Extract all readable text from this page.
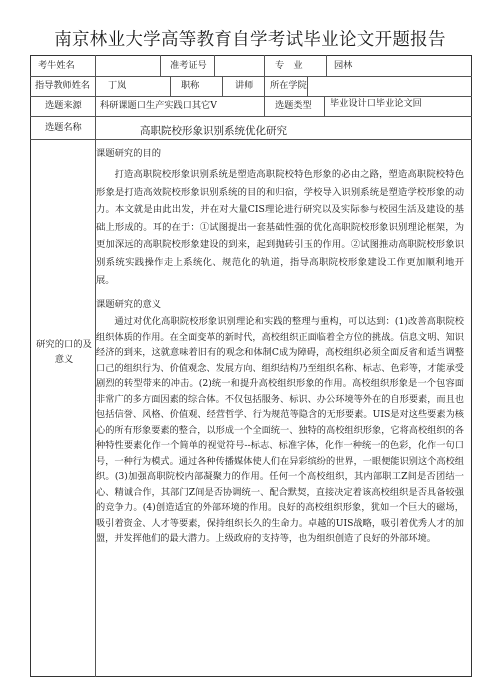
南京林业大学高等教育自学考试毕业论文开题报告
考牛姓名	准考证号	专　业	园林
指导教师姓名 丁岚	职称	讲师 所在学院
选题来源 科研课题口生产实践口其它V	选题类型 毕业设计口毕业论文回
选题名称	高职院校形象识别系统优化研究
研究的口的及意义

课题研究的目的

打造高职院校形象识别系统是塑造高职院校特色形象的必由之路，塑造高职院校特色形象是打造高效院校形象识别系统的目的和归宿，学校导入识别系统是塑造学校形象的动力。本文就是由此出发，并在对大量CIS理论进行研究以及实际参与校园生活及建设的基础上形成的。耳的在于：①试图提出一套基础性强的优化高职院校形象识别理论框架，为更加深远的高职院校形象建设的到来，起到抛砖引玉的作用。②试图推动高职院校形象识别系统实践操作走上系统化、规范化的轨道，指导高职院校形象建设工作更加顺利地开展。

课题研究的意义

通过对优化高职院校形象识别理论和实践的整理与重构，可以达到：(1)改善高职院校组织体质的作用。在全面变革的新时代，高校组织正面临着全方位的挑战。信息文明、知识经济的到来，这就意味着旧有的观念和体制C成为障碍，高校组织必须全面反省和适当调整口己的组织行为、价值观念、发展方向、组织结构乃至组织名称、标志、色彩等，才能承受剧烈的转型带来的冲击。(2)统一和提升高校组织形象的作用。高校组织形象是一个包容面非常广的多方面因素的综合体。不仅包括服务、标识、办公环境等外在的自形要素，而且也包括信誉、风格、价值观、经营哲学、行为规范等隐含的无形要素。UIS是对这些要素为核心的所有形象要素的整合，以形成一个全面统一、独特的高校组织形象，它将高校组织的各种特性要素化作一个简单的视觉符号--标志、标准字体，化作一种统一的色彩，化作一句口号，一种行为模式。通过各种传播媒体使人们在异彩缤纷的世界，一眼便能识别这个高校组织。(3)加强高职院校内部凝聚力的作用。任何一个高校组织，其内部职工Z间是否团结一心、精诚合作，其部门Z间是否协调统一、配合默契，直接决定着该高校组织是否具备较强的竞争力。(4)创造适宜的外部环境的作用。良好的高校组织形象，犹如一个巨大的磁场，吸引着资金、人才等要素，保持组织长久的生命力。卓越的UIS战略，吸引着优秀人才的加盟，并发挥他们的最大潜力。上级政府的支持等，也为组织创造了良好的外部环境。
